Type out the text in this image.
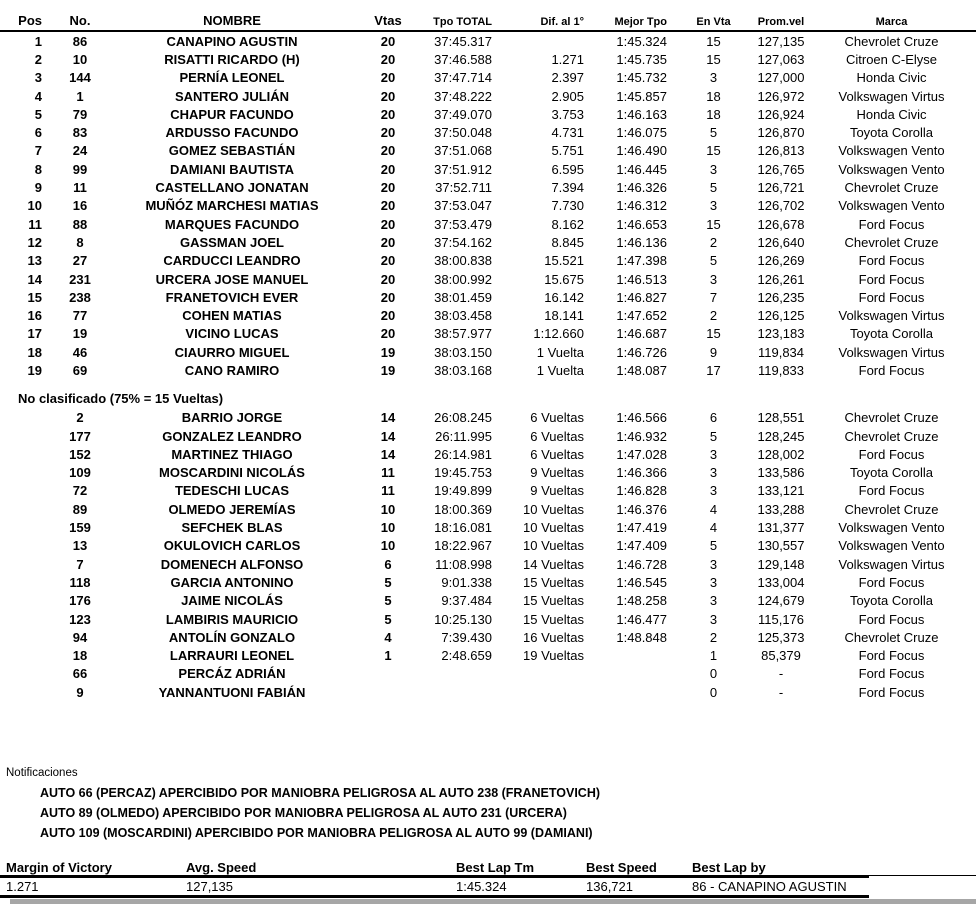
Pos	No.	NOMBRE	Vtas	Tpo TOTAL	Dif. al 1°	Mejor Tpo	En Vta	Prom.vel	Marca
1	86	CANAPINO AGUSTIN	20	37:45.317		1:45.324	15	127,135	Chevrolet Cruze
2	10	RISATTI RICARDO (H)	20	37:46.588	1.271	1:45.735	15	127,063	Citroen C-Elyse
3	144	PERNÍA LEONEL	20	37:47.714	2.397	1:45.732	3	127,000	Honda Civic
4	1	SANTERO JULIÁN	20	37:48.222	2.905	1:45.857	18	126,972	Volkswagen Virtus
5	79	CHAPUR FACUNDO	20	37:49.070	3.753	1:46.163	18	126,924	Honda Civic
6	83	ARDUSSO FACUNDO	20	37:50.048	4.731	1:46.075	5	126,870	Toyota Corolla
7	24	GOMEZ SEBASTIÁN	20	37:51.068	5.751	1:46.490	15	126,813	Volkswagen Vento
8	99	DAMIANI BAUTISTA	20	37:51.912	6.595	1:46.445	3	126,765	Volkswagen Vento
9	11	CASTELLANO JONATAN	20	37:52.711	7.394	1:46.326	5	126,721	Chevrolet Cruze
10	16	MUÑÓZ MARCHESI MATIAS	20	37:53.047	7.730	1:46.312	3	126,702	Volkswagen Vento
11	88	MARQUES FACUNDO	20	37:53.479	8.162	1:46.653	15	126,678	Ford Focus
12	8	GASSMAN JOEL	20	37:54.162	8.845	1:46.136	2	126,640	Chevrolet Cruze
13	27	CARDUCCI LEANDRO	20	38:00.838	15.521	1:47.398	5	126,269	Ford Focus
14	231	URCERA JOSE MANUEL	20	38:00.992	15.675	1:46.513	3	126,261	Ford Focus
15	238	FRANETOVICH EVER	20	38:01.459	16.142	1:46.827	7	126,235	Ford Focus
16	77	COHEN MATIAS	20	38:03.458	18.141	1:47.652	2	126,125	Volkswagen Virtus
17	19	VICINO LUCAS	20	38:57.977	1:12.660	1:46.687	15	123,183	Toyota Corolla
18	46	CIAURRO MIGUEL	19	38:03.150	1 Vuelta	1:46.726	9	119,834	Volkswagen Virtus
19	69	CANO RAMIRO	19	38:03.168	1 Vuelta	1:48.087	17	119,833	Ford Focus
No clasificado (75% = 15 Vueltas)
	2	BARRIO JORGE	14	26:08.245	6 Vueltas	1:46.566	6	128,551	Chevrolet Cruze
	177	GONZALEZ LEANDRO	14	26:11.995	6 Vueltas	1:46.932	5	128,245	Chevrolet Cruze
	152	MARTINEZ THIAGO	14	26:14.981	6 Vueltas	1:47.028	3	128,002	Ford Focus
	109	MOSCARDINI NICOLÁS	11	19:45.753	9 Vueltas	1:46.366	3	133,586	Toyota Corolla
	72	TEDESCHI LUCAS	11	19:49.899	9 Vueltas	1:46.828	3	133,121	Ford Focus
	89	OLMEDO JEREMÍAS	10	18:00.369	10 Vueltas	1:46.376	4	133,288	Chevrolet Cruze
	159	SEFCHEK BLAS	10	18:16.081	10 Vueltas	1:47.419	4	131,377	Volkswagen Vento
	13	OKULOVICH CARLOS	10	18:22.967	10 Vueltas	1:47.409	5	130,557	Volkswagen Vento
	7	DOMENECH ALFONSO	6	11:08.998	14 Vueltas	1:46.728	3	129,148	Volkswagen Virtus
	118	GARCIA ANTONINO	5	9:01.338	15 Vueltas	1:46.545	3	133,004	Ford Focus
	176	JAIME NICOLÁS	5	9:37.484	15 Vueltas	1:48.258	3	124,679	Toyota Corolla
	123	LAMBIRIS MAURICIO	5	10:25.130	15 Vueltas	1:46.477	3	115,176	Ford Focus
	94	ANTOLÍN GONZALO	4	7:39.430	16 Vueltas	1:48.848	2	125,373	Chevrolet Cruze
	18	LARRAURI LEONEL	1	2:48.659	19 Vueltas		1	85,379	Ford Focus
	66	PERCÁZ ADRIÁN					0	-	Ford Focus
	9	YANNANTUONI FABIÁN					0	-	Ford Focus
Notificaciones
AUTO 66 (PERCAZ) APERCIBIDO POR MANIOBRA PELIGROSA AL AUTO 238 (FRANETOVICH)
AUTO 89 (OLMEDO) APERCIBIDO POR MANIOBRA PELIGROSA AL AUTO 231 (URCERA)
AUTO 109 (MOSCARDINI) APERCIBIDO POR MANIOBRA PELIGROSA AL AUTO 99 (DAMIANI)
Margin of Victory	Avg. Speed	Best Lap Tm	Best Speed	Best Lap by
1.271	127,135	1:45.324	136,721	86 - CANAPINO AGUSTIN
